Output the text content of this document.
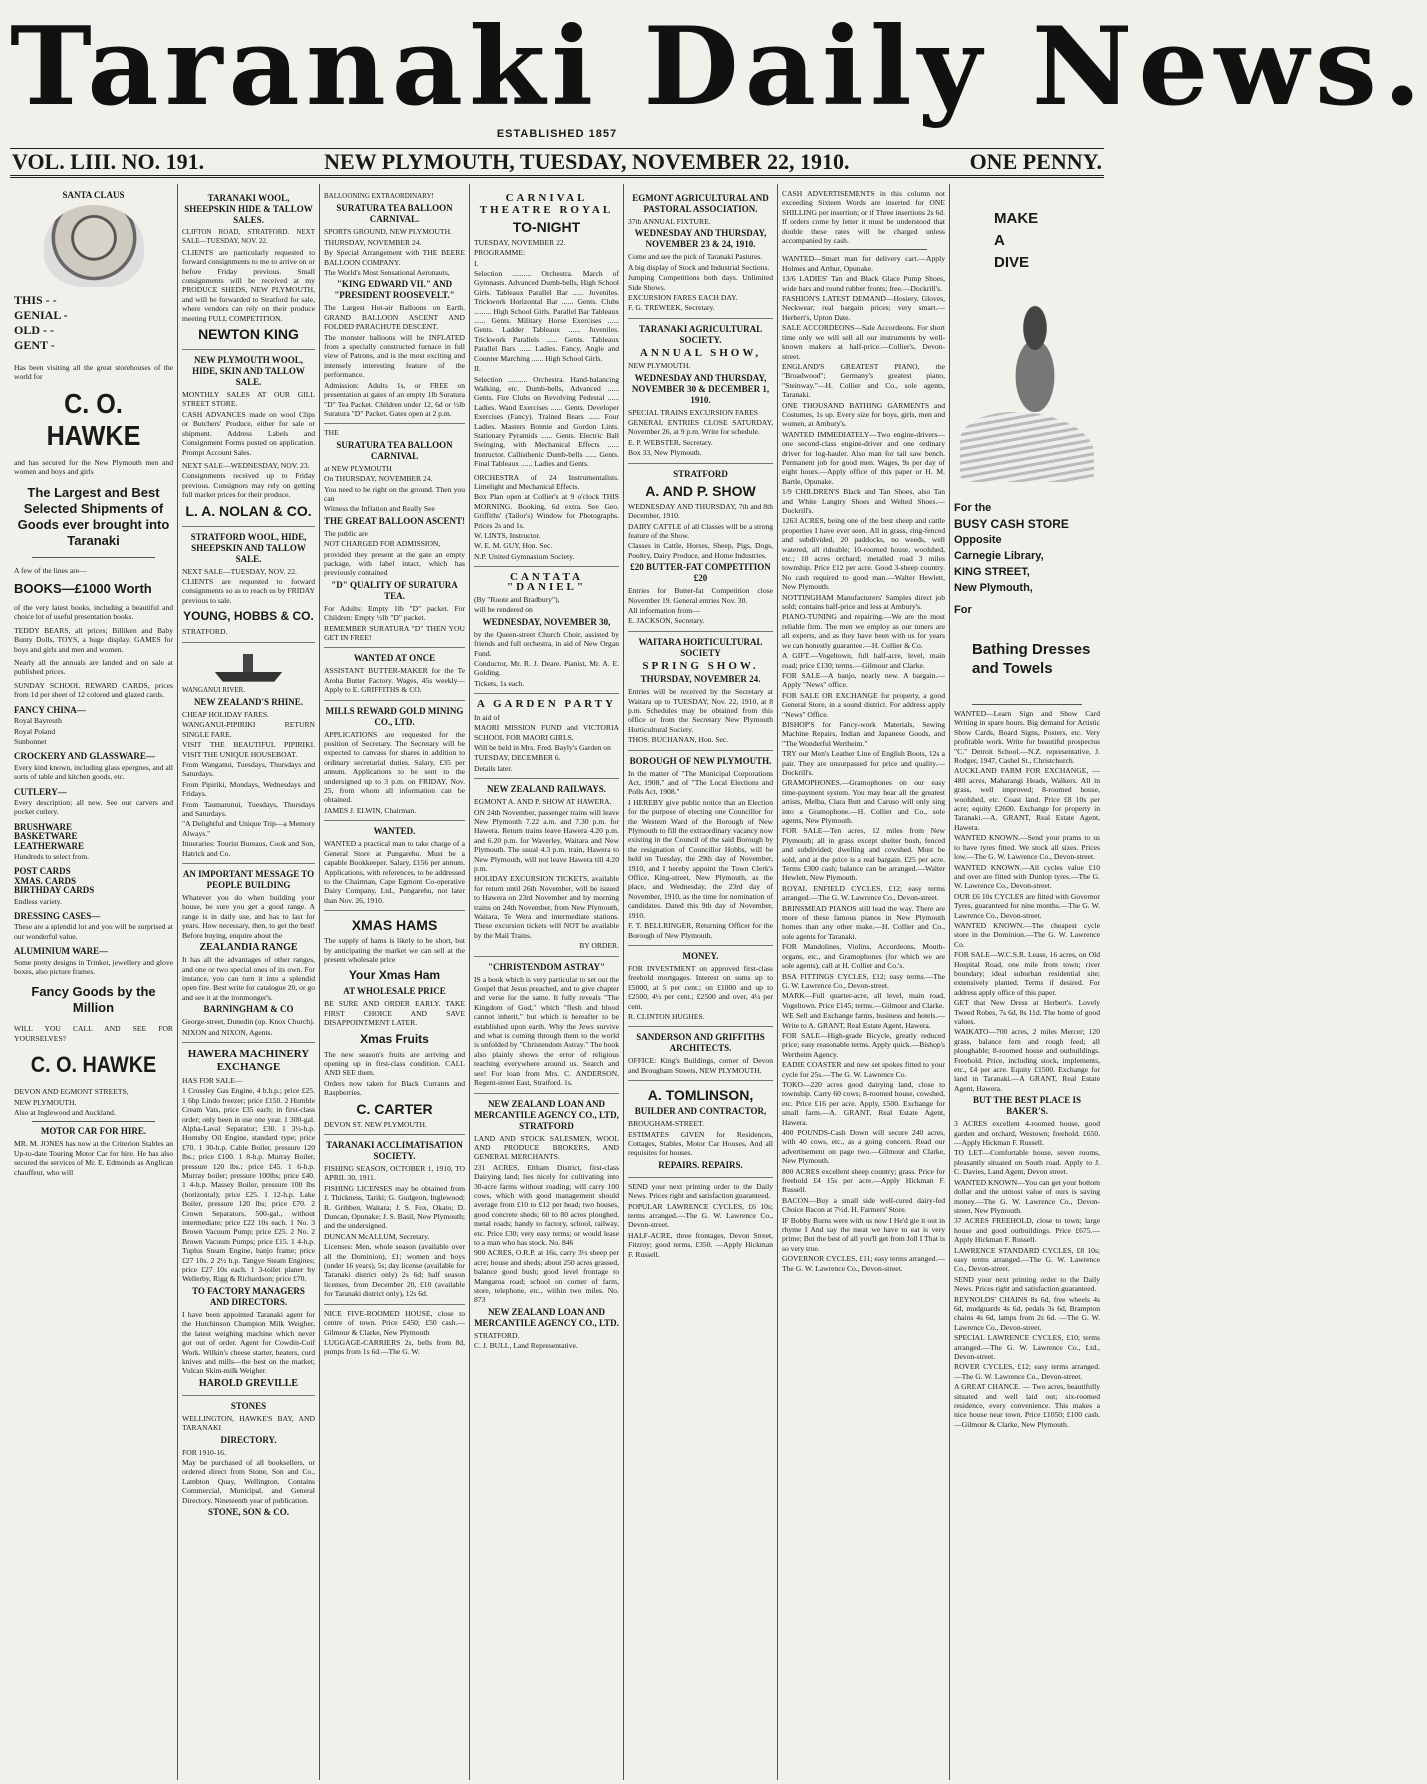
Taranaki Daily News.
ESTABLISHED 1857
VOL. LIII. NO. 191.	NEW PLYMOUTH, TUESDAY, NOVEMBER 22, 1910.	ONE PENNY.
SANTA CLAUS
THIS - -
GENIAL -
OLD - -
GENT -

Has been visiting all the great storehouses of the world for

C. O. HAWKE

and has secured for the New Plymouth men and women and boys and girls

The Largest and Best Selected Shipments of Goods ever brought into Taranaki

A few of the lines are—

BOOKS—£1000 Worth

of the very latest books, including a beautiful and choice lot of useful presentation books.

TEDDY BEARS, all prices; Billiken and Baby Bunty Dolls, TOYS, a huge display. GAMES for boys and girls and men and women.

Nearly all the annuals are landed and on sale at published prices.

SUNDAY SCHOOL REWARD CARDS, prices from 1d per sheet of 12 colored and glazed cards.

FANCY CHINA—

Royal Bayreuth

Royal Poland

Sunbonnet

CROCKERY AND GLASSWARE—

Every kind known, including glass epergnes, and all sorts of table and kitchen goods, etc.

CUTLERY—

Every description; all new. See our carvers and pocket cutlery.

BRUSHWARE
BASKETWARE
LEATHERWARE

Hundreds to select from.

POST CARDS
XMAS. CARDS
BIRTHDAY CARDS

Endless variety.

DRESSING CASES—

These are a splendid lot and you will be surprised at our wonderful value.

ALUMINIUM WARE—

Some pretty designs in Trinket, jewellery and glove boxes, also picture frames.

Fancy Goods by the Million

WILL YOU CALL AND SEE FOR YOURSELVES?

C. O. HAWKE

DEVON AND EGMONT STREETS,

NEW PLYMOUTH.

Also at Inglewood and Auckland.

MOTOR CAR FOR HIRE.

MR. M. JONES has now at the Criterion Stables an Up-to-date Touring Motor Car for hire. He has also secured the services of Mr. E. Edmonds as Anglican chauffeur, who will

TARANAKI WOOL, SHEEPSKIN HIDE & TALLOW SALES.

CLIFTON ROAD, STRATFORD. NEXT SALE—TUESDAY, NOV. 22.

CLIENTS are particularly requested to forward consignments to me to arrive on or before Friday previous. Small consignments will be received at my PRODUCE SHEDS, NEW PLYMOUTH, and will be forwarded to Stratford for sale, where vendors can rely on their produce meeting FULL COMPETITION.

NEWTON KING
NEW PLYMOUTH WOOL, HIDE, SKIN AND TALLOW SALE.

MONTHLY SALES AT OUR GILL STREET STORE.

CASH ADVANCES made on wool Clips or Butchers' Produce, either for sale or shipment. Address Labels and Consignment Forms posted on application. Prompt Account Sales.

NEXT SALE—WEDNESDAY, NOV. 23.

Consignments received up to Friday previous. Consignors may rely on getting full market prices for their produce.

L. A. NOLAN & CO.
STRATFORD WOOL, HIDE, SHEEPSKIN AND TALLOW SALE.

NEXT SALE—TUESDAY, NOV. 22.

CLIENTS are requested to forward consignments so as to reach us by FRIDAY previous to sale.

YOUNG, HOBBS & CO.

STRATFORD.

WANGANUI RIVER.

NEW ZEALAND'S RHINE.

CHEAP HOLIDAY FARES.

WANGANUI-PIPIRIKI RETURN SINGLE FARE.

VISIT THE BEAUTIFUL PIPIRIKI. VISIT THE UNIQUE HOUSEBOAT.

From Wanganui, Tuesdays, Thursdays and Saturdays.

From Pipiriki, Mondays, Wednesdays and Fridays.

From Taumarunui, Tuesdays, Thursdays and Saturdays.

"A Delightful and Unique Trip—a Memory Always."

Itineraries: Tourist Bureaus, Cook and Son, Hatrick and Co.

AN IMPORTANT MESSAGE TO PEOPLE BUILDING

Whatever you do when building your house, be sure you get a good range. A range is in daily use, and has to last for years. How necessary, then, to get the best! Before buying, enquire about the

ZEALANDIA RANGE

It has all the advantages of other ranges, and one or two special ones of its own. For instance, you can turn it into a splendid open fire. Best write for catalogue 20, or go and see it at the ironmonger's.

BARNINGHAM & CO

George-street, Dunedin (op. Knox Church).

NIXON and NIXON, Agents.

HAWERA MACHINERY EXCHANGE

HAS FOR SALE—

1 Crossley Gas Engine, 4 b.h.p.; price £25. 1 6hp Lindo freezer; price £150. 2 Humble Cream Vats, price £35 each; in first-class order; only been in use one year. 1 300-gal. Alpha-Laval Separator; £30. 1 3½-h.p. Hornsby Oil Engine, standard type; price £70. 1 30-h.p. Cable Boiler, pressure 120 lbs.; price £100. 1 8-h.p. Murray Boiler, pressure 120 lbs.; price £45. 1 6-h.p. Murray boiler; pressure 100lbs; price £40. 1 4-h.p. Massey Boiler, pressure 100 lbs (horizontal); price £25. 1 12-h.p. Lake Boiler, pressure 120 lbs; price £70. 2 Crown Separators, 500-gal., without intermediate; price £22 10s each. 1 No. 3 Brown Vacuum Pump; price £25. 2 No. 2 Brown Vacuum Pumps; price £15. 1 4-h.p. Tuplus Steam Engine, banjo frame; price £27 10s. 2 2½ h.p. Tangye Steam Engines; price £27 10s each. 1 3-toilet planer by Wellerby, Rigg & Richardson; price £70.

TO FACTORY MANAGERS AND DIRECTORS.

I have been appointed Taranaki agent for the Hutchinson Champion Milk Weigher, the latest weighing machine which never got out of order. Agent for Cowdin-Coif Work. Wilkin's cheese starter, heaters, curd knives and mills—the best on the market; Vulcan Skim-milk Weigher.

HAROLD GREVILLE
STONES

WELLINGTON, HAWKE'S BAY, AND TARANAKI

DIRECTORY.

FOR 1910-16.

May be purchased of all booksellers, or ordered direct from Stone, Son and Co., Lambton Quay, Wellington. Contains Commercial, Municipal, and General Directory. Nineteenth year of publication.

STONE, SON & CO.

BALLOONING EXTRAORDINARY!

SURATURA TEA BALLOON CARNIVAL.

SPORTS GROUND, NEW PLYMOUTH.

THURSDAY, NOVEMBER 24.

By Special Arrangement with THE BEERE BALLOON COMPANY.

The World's Most Sensational Aeronauts,

"KING EDWARD VII." AND "PRESIDENT ROOSEVELT."

The Largest Hot-air Balloons on Earth. GRAND BALLOON ASCENT AND FOLDED PARACHUTE DESCENT.

The monster balloons will be INFLATED from a specially constructed furnace in full view of Patrons, and is the most exciting and intensely interesting feature of the performance.

Admission: Adults 1s, or FREE on presentation at gates of an empty 1lb Suratura "D" Tea Packet. Children under 12, 6d or ½lb Suratura "D" Packet. Gates open at 2 p.m.

THE

SURATURA TEA BALLOON CARNIVAL

at NEW PLYMOUTH

On THURSDAY, NOVEMBER 24.

You need to be right on the ground. Then you can

Witness the Inflation and Really See

THE GREAT BALLOON ASCENT!

The public are

NOT CHARGED FOR ADMISSION,

provided they present at the gate an empty package, with label intact, which has previously contained

"D" QUALITY OF SURATURA TEA.

For Adults: Empty 1lb "D" packet. For Children: Empty ½lb "D" packet.

REMEMBER SURATURA "D" THEN YOU GET IN FREE!

WANTED AT ONCE

ASSISTANT BUTTER-MAKER for the Te Aroha Butter Factory. Wages, 45s weekly—Apply to E. GRIFFITHS & CO.

MILLS REWARD GOLD MINING CO., LTD.

APPLICATIONS are requested for the position of Secretary. The Secretary will be expected to canvass for shares in addition to ordinary secretarial duties. Salary, £35 per annum. Applications to be sent to the undersigned up to 3 p.m. on FRIDAY, Nov. 25, from whom all information can be obtained.

JAMES J. ELWIN, Chairman.

WANTED.

WANTED a practical man to take charge of a General Store at Pungarehu. Must be a capable Bookkeeper. Salary, £156 per annum. Applications, with references, to be addressed to the Chairman, Cape Egmont Co-operative Dairy Company, Ltd., Pungarehu, not later than Nov. 26, 1910.

XMAS HAMS

The supply of hams is likely to be short, but by anticipating the market we can sell at the present wholesale price

Your Xmas Ham
AT WHOLESALE PRICE

BE SURE AND ORDER EARLY. TAKE FIRST CHOICE AND SAVE DISAPPOINTMENT LATER.

Xmas Fruits

The new season's fruits are arriving and opening up in first-class condition. CALL AND SEE them.

Orders now taken for Black Currants and Raspberries.

C. CARTER

DEVON ST. NEW PLYMOUTH.

TARANAKI ACCLIMATISATION SOCIETY.

FISHING SEASON, OCTOBER 1, 1910, TO APRIL 30, 1911.

FISHING LICENSES may be obtained from J. Thickness, Tariki; G. Gudgeon, Inglewood; R. Gribben, Waitara; J. S. Fox, Okato; D. Duncan, Opunake; J. S. Basil, New Plymouth; and the undersigned.

DUNCAN McALLUM, Secretary.

Licenses: Men, whole season (available over all the Dominion), £1; women and boys (under 16 years), 5s; day license (available for Taranaki district only) 2s 6d; half season licenses, from December 20, £10 (available for Taranaki district only), 12s 6d.

NICE FIVE-ROOMED HOUSE, close to centre of town. Price £450; £50 cash.—Gilmour & Clarke, New Plymouth

LUGGAGE-CARRIERS 2s, bells from 8d, pumps from 1s 6d.—The G. W.

CARNIVAL
THEATRE ROYAL
TO-NIGHT

TUESDAY, NOVEMBER 22.

PROGRAMME:

I.

Selection .......... Orchestra. March of Gymnasts. Advanced Dumb-bells, High School Girls. Tableaux Parallel Bar ...... Juveniles. Trickwork Horizontal Bar ...... Gents. Clubs ......... High School Girls. Parallel Bar Tableaux ...... Gents. Military Horse Exercises ...... Gents. Ladder Tableaux ...... Juveniles. Trickwork Parallels ...... Gents. Tableaux Parallel Bars ...... Ladies. Fancy, Angle and Counter Marching ...... High School Girls.

II.

Selection .......... Orchestra. Hand-balancing Walking, etc. Dumb-bells, Advanced ...... Gents. Fire Clubs on Revolving Pedestal ...... Ladies. Wand Exercises ...... Gents. Developer Exercises (Fancy). Trained Bears ...... Four Ladies. Masters Bonnie and Gordon Lints. Stationary Pyramids ...... Gents. Electric Ball Swinging, with Mechanical Effects ...... Instructor. Callisthenic Dumb-bells ...... Gents. Final Tableaux ...... Ladies and Gents.

ORCHESTRA of 24 Instrumentalists. Limelight and Mechanical Effects.

Box Plan open at Collier's at 9 o'clock THIS MORNING. Booking, 6d extra. See Geo. Griffiths' (Tailor's) Window for Photographs. Prices 2s and 1s.

W. LINTS, Instructor.

W. E. M. GUY, Hon. Sec.

N.P. United Gymnasium Society.

CANTATA "DANIEL"

(By "Roote and Bradbury"),

will be rendered on

WEDNESDAY, NOVEMBER 30,

by the Queen-street Church Choir, assisted by friends and full orchestra, in aid of New Organ Fund.

Conductor, Mr. R. J. Deare. Pianist, Mr. A. E. Golding.

Tickets, 1s each.

A GARDEN PARTY

In aid of

MAORI MISSION FUND and VICTORIA SCHOOL FOR MAORI GIRLS,

Will be held in Mrs. Fred. Bayly's Garden on

TUESDAY, DECEMBER 6.

Details later.

NEW ZEALAND RAILWAYS.

EGMONT A. AND P. SHOW AT HAWERA.

ON 24th November, passenger trains will leave New Plymouth 7.22 a.m. and 7.30 p.m. for Hawera. Return trains leave Hawera 4.20 p.m. and 6.20 p.m. for Waverley, Waitara and New Plymouth. The usual 4.3 p.m. train, Hawera to New Plymouth, will not leave Hawera till 4.20 p.m.

HOLIDAY EXCURSION TICKETS, available for return until 26th November, will be issued to Hawera on 23rd November and by morning trains on 24th November, from New Plymouth, Waitara, Te Wera and intermediate stations. These excursion tickets will NOT be available by the Mail Trains.

BY ORDER.

"CHRISTENDOM ASTRAY"

IS a book which is very particular to set out the Gospel that Jesus preached, and to give chapter and verse for the same. It fully reveals "The Kingdom of God," which "flesh and blood cannot inherit," but which is hereafter to be established upon earth. Why the Jews survive and what is coming through them to the world is unfolded by "Christendom Astray." The book also plainly shows the error of religious teaching everywhere around us. Search and see! For loan from Mrs. C. ANDERSON, Regent-street East, Stratford. 1s.

NEW ZEALAND LOAN AND MERCANTILE AGENCY CO., LTD, STRATFORD

LAND AND STOCK SALESMEN, WOOL AND PRODUCE BROKERS, AND GENERAL MERCHANTS.

231 ACRES, Eltham District, first-class Dairying land; lies nicely for cultivating into 30-acre farms without roading; will carry 100 cows, which with good management should average from £10 to £12 per head; two houses, good concrete sheds; 60 to 80 acres ploughed, metal roads; handy to factory, school, railway, etc. Price £30; very easy terms; or would lease to a man who has stock. No. 846

900 ACRES, O.R.P. at 16s, carry 3½ sheep per acre; house and sheds; about 250 acres grassed, balance good bush; good level frontage to Mangaroa road; school on corner of farm, store, telephone, etc., within two miles. No. 873

NEW ZEALAND LOAN AND MERCANTILE AGENCY CO., LTD.

STRATFORD.

C. J. BULL, Land Representative.

EGMONT AGRICULTURAL AND PASTORAL ASSOCIATION.

37th ANNUAL FIXTURE.

WEDNESDAY AND THURSDAY, NOVEMBER 23 & 24, 1910.

Come and see the pick of Taranaki Pastures.

A big display of Stock and Industrial Sections.

Jumping Competitions both days. Unlimited Side Shows.

EXCURSION FARES EACH DAY.

F. G. TREWEEK, Secretary.

TARANAKI AGRICULTURAL SOCIETY.
ANNUAL SHOW,

NEW PLYMOUTH.

WEDNESDAY AND THURSDAY, NOVEMBER 30 & DECEMBER 1, 1910.

SPECIAL TRAINS EXCURSION FARES

GENERAL ENTRIES CLOSE SATURDAY, November 26, at 9 p.m. Write for schedule.

E. P. WEBSTER, Secretary.

Box 33, New Plymouth.

STRATFORD
A. AND P. SHOW

WEDNESDAY AND THURSDAY, 7th and 8th December, 1910.

DAIRY CATTLE of all Classes will be a strong feature of the Show.

Classes in Cattle, Horses, Sheep, Pigs, Dogs, Poultry, Dairy Produce, and Home Industries.

£20 BUTTER-FAT COMPETITION £20

Entries for Butter-fat Competition close November 19. General entries Nov. 30.

All information from—

E. JACKSON, Secretary.

WAITARA HORTICULTURAL SOCIETY
SPRING SHOW.
THURSDAY, NOVEMBER 24.

Entries will be received by the Secretary at Waitara up to TUESDAY, Nov. 22, 1910, at 8 p.m. Schedules may be obtained from this office or from the Secretary New Plymouth Horticultural Society.

THOS. BUCHANAN, Hon. Sec.

BOROUGH OF NEW PLYMOUTH.

In the matter of "The Municipal Corporations Act, 1908," and of "The Local Elections and Polls Act, 1908."

I HEREBY give public notice that an Election for the purpose of electing one Councillor for the Western Ward of the Borough of New Plymouth to fill the extraordinary vacancy now existing in the Council of the said Borough by the resignation of Councillor Hobbs, will be held on Tuesday, the 29th day of November, 1910, and I hereby appoint the Town Clerk's Office, King-street, New Plymouth, as the place, and Wednesday, the 23rd day of November, 1910, as the time for nomination of candidates. Dated this 9th day of November, 1910.

F. T. BELLRINGER, Returning Officer for the Borough of New Plymouth.

MONEY.

FOR INVESTMENT on approved first-class freehold mortgages. Interest on sums up to £5000, at 5 per cent.; on £1000 and up to £2500, 4½ per cent.; £2500 and over, 4¼ per cent.

R. CLINTON HUGHES.

SANDERSON AND GRIFFITHS ARCHITECTS.

OFFICE: King's Buildings, corner of Devon and Brougham Streets, NEW PLYMOUTH.

A. TOMLINSON,
BUILDER AND CONTRACTOR,

BROUGHAM-STREET.

ESTIMATES GIVEN for Residences, Cottages, Stables, Motor Car Houses, And all requisites for houses.

REPAIRS. REPAIRS.

SEND your next printing order to the Daily News. Prices right and satisfaction guaranteed.

POPULAR LAWRENCE CYCLES, £6 10s; terms arranged.—The G. W. Lawrence Co., Devon-street.

HALF-ACRE, three frontages, Devon Street, Fitzroy; good terms, £350. —Apply Hickman F. Russell.

CASH ADVERTISEMENTS in this column not exceeding Sixteen Words are inserted for ONE SHILLING per insertion; or if Three insertions 2s 6d. If orders come by letter it must be understood that double these rates will be charged unless accompanied by cash.

WANTED—Smart man for delivery cart.—Apply Holmes and Arthur, Opunake.

13/6 LADIES' Tan and Black Glace Pump Shoes, wide bars and round rubber fronts; free.—Dockrill's.

FASHION'S LATEST DEMAND—Hosiery, Gloves, Neckwear; real bargain prices; very smart.—Herbert's, Upton Date.

SALE ACCORDEONS—Sale Accordeons. For short time only we will sell all our instruments by well-known makers at half-price.—Collier's, Devon-street.

ENGLAND'S GREATEST PIANO, the "Broadwood"; Germany's greatest piano, "Steinway."—H. Collier and Co., sole agents, Taranaki.

ONE THOUSAND BATHING GARMENTS and Costumes, 1s up. Every size for boys, girls, men and women, at Ambury's.

WANTED IMMEDIATELY—Two engine-drivers—one second-class engine-driver and one ordinary driver for log-hauler. Also man for tail saw bench. Permanent job for good men. Wages, 9s per day of eight hours.—Apply office of this paper or H. M. Bartle, Opunake.

1/9 CHILDREN'S Black and Tan Shoes, also Tan and White Langtry Shoes and Welted Shoes.—Dockrill's.

1263 ACRES, being one of the best sheep and cattle properties I have ever seen. All in grass, ring-fenced and subdivided, 20 paddocks, no weeds, well watered, all rideable; 10-roomed house, woolshed, etc.; 10 acres orchard; metalled road 3 miles township. Price £12 per acre. Good 3-sheep country. No cash required to good man.—Walter Hewlett, New Plymouth.

NOTTINGHAM Manufacturers' Samples direct job sold; contains half-price and less at Ambury's.

PIANO-TUNING and repairing.—We are the most reliable firm. The men we employ as our tuners are all experts, and as they have been with us for years we can honestly guarantee.—H. Collier & Co.

A GIFT.—Vogeltown, full half-acre, level, main road; price £130; terms.—Gilmour and Clarke.

FOR SALE—A banjo, nearly new. A bargain.—Apply "News" office.

FOR SALE OR EXCHANGE for property, a good General Store, in a sound district. For address apply "News" Office.

BISHOP'S for Fancy-work Materials, Sewing Machine Repairs, Indian and Japanese Goods, and "The Wonderful Wertheim."

TRY our Men's Leather Line of English Boots, 12s a pair. They are unsurpassed for price and quality.—Dockrill's.

GRAMOPHONES.—Gramophones on our easy time-payment system. You may hear all the greatest artists, Melba, Clara Butt and Caruso will only sing into a Gramophone.—H. Collier and Co., sole agents, New Plymouth.

FOR SALE—Ten acres, 12 miles from New Plymouth; all in grass except shelter bush, fenced and subdivided; dwelling and cowshed. Must be sold, and at the price is a real bargain. £25 per acre. Terms £300 cash; balance can be arranged.—Walter Hewlett, New Plymouth.

ROYAL ENFIELD CYCLES, £12; easy terms arranged.—The G. W. Lawrence Co., Devon-street.

BRINSMEAD PIANOS still lead the way. There are more of these famous pianos in New Plymouth homes than any other make.—H. Collier and Co., sole agents for Taranaki.

FOR Mandolines, Violins, Accordeons, Mouth-organs, etc., and Gramophones (for which we are sole agents), call at H. Collier and Co.'s.

BSA FITTINGS CYCLES, £12; easy terms.—The G. W. Lawrence Co., Devon-street.

MARK—Full quarter-acre, all level, main road, Vogeltown. Price £145; terms.—Gilmour and Clarke.

WE Sell and Exchange farms, business and hotels.—Write to A. GRANT, Real Estate Agent, Hawera.

FOR SALE—High-grade Bicycle, greatly reduced price; easy reasonable terms. Apply quick.—Bishop's Wertheim Agency.

EADIE COASTER and new set spokes fitted to your cycle for 25s.—The G. W. Lawrence Co.

TOKO—220 acres good dairying land, close to township. Carry 60 cows; 8-roomed house, cowshed, etc. Price £16 per acre. Apply, £500. Exchange for small farm.—A. GRANT, Real Estate Agent, Hawera.

400 POUNDS-Cash Down will secure 240 acres, with 40 cows, etc., as a going concern. Read our advertisement on page two.—Gilmour and Clarke, New Plymouth.

800 ACRES excellent sheep country; grass. Price for freehold £4 15s per acre.—Apply Hickman F. Russell.

BACON—Buy a small side well-cured dairy-fed Choice Bacon at 7½d. H. Farmers' Store.

IF Bobby Burns were with us now I He'd gie it out in rhyme I And say the meat we have to eat is very prime; But the best of all you'll get from Joll I That is so very true.

GOVERNOR CYCLES, £11; easy terms arranged.—The G. W. Lawrence Co., Devon-street.

MAKE
A
DIVE
For the
BUSY CASH STORE
Opposite
Carnegie Library,
KING STREET,
New Plymouth,
For
Bathing Dresses and Towels

WANTED—Learn Sign and Show Card Writing in spare hours. Big demand for Artistic Show Cards, Board Signs, Posters, etc. Very profitable work. Write for beautiful prospectus "C." Detroit School.—N.Z. representative, J. Rodger, 1947, Cashel St., Christchurch.

AUCKLAND FARM FOR EXCHANGE, —480 acres, Maharangi Heads, Walkers. All in grass, well improved; 8-roomed house, woolshed, etc. Coast land. Price £8 10s per acre; equity £2600. Exchange for property in Taranaki.—A. GRANT, Real Estate Agent, Hawera.

WANTED KNOWN.—Send your prams to us to have tyres fitted. We stock all sizes. Prices low.—The G. W. Lawrence Co., Devon-street.

WANTED KNOWN.—All cycles value £10 and over are fitted with Dunlop tyres.—The G. W. Lawrence Co., Devon-street.

OUR £6 10s CYCLES are fitted with Governor Tyres, guaranteed for nine months.—The G. W. Lawrence Co., Devon-street.

WANTED KNOWN.—The cheapest cycle store in the Dominion.—The G. W. Lawrence Co.

FOR SALE—W.C.S.R. Lease, 16 acres, on Old Hospital Road, one mile from town; river boundary; ideal suburban residential site; extensively planted. Terms if desired. For address apply office of this paper.

GET that New Dress at Herbert's. Lovely Tweed Robes, 7s 6d, 8s 11d. The home of good values.

WAIKATO—700 acres, 2 miles Mercer; 120 grass, balance fern and rough feed; all ploughable; 8-roomed house and outbuildings. Freehold. Price, including stock, implements, etc., £4 per acre. Equity £1500. Exchange for land in Taranaki.—A GRANT, Real Estate Agent, Hawera.

BUT THE BEST PLACE IS BAKER'S.

3 ACRES excellent 4-roomed house, good garden and orchard, Westown; freehold. £650.—Apply Hickman F. Russell.

TO LET—Comfortable house, seven rooms, pleasantly situated on South road. Apply to J. C. Davies, Land Agent, Devon street.

WANTED KNOWN—You can get your bottom dollar and the utmost value of ours is saving money.—The G. W. Lawrence Co., Devon-street, New Plymouth.

37 ACRES FREEHOLD, close to town; large house and good outbuildings. Price £675.—Apply Hickman F. Russell.

LAWRENCE STANDARD CYCLES, £8 10s; easy terms arranged.—The G. W. Lawrence Co., Devon-street.

SEND your next printing order to the Daily News. Prices right and satisfaction guaranteed.

REYNOLDS' CHAINS 8s 6d, free wheels 4s 6d, mudguards 4s 6d, pedals 3s 6d, Brampton chains 4s 6d, lamps from 2s 6d. —The G. W. Lawrence Co., Devon-street.

SPECIAL LAWRENCE CYCLES, £10; terms arranged.—The G. W. Lawrence Co., Ltd., Devon-street.

ROVER CYCLES, £12; easy terms arranged.—The G. W. Lawrence Co., Devon-street.

A GREAT CHANCE. — Two acres, beautifully situated and well laid out; six-roomed residence, every convenience. This makes a nice house near town. Price £1050; £100 cash.—Gilmour & Clarke, New Plymouth.
